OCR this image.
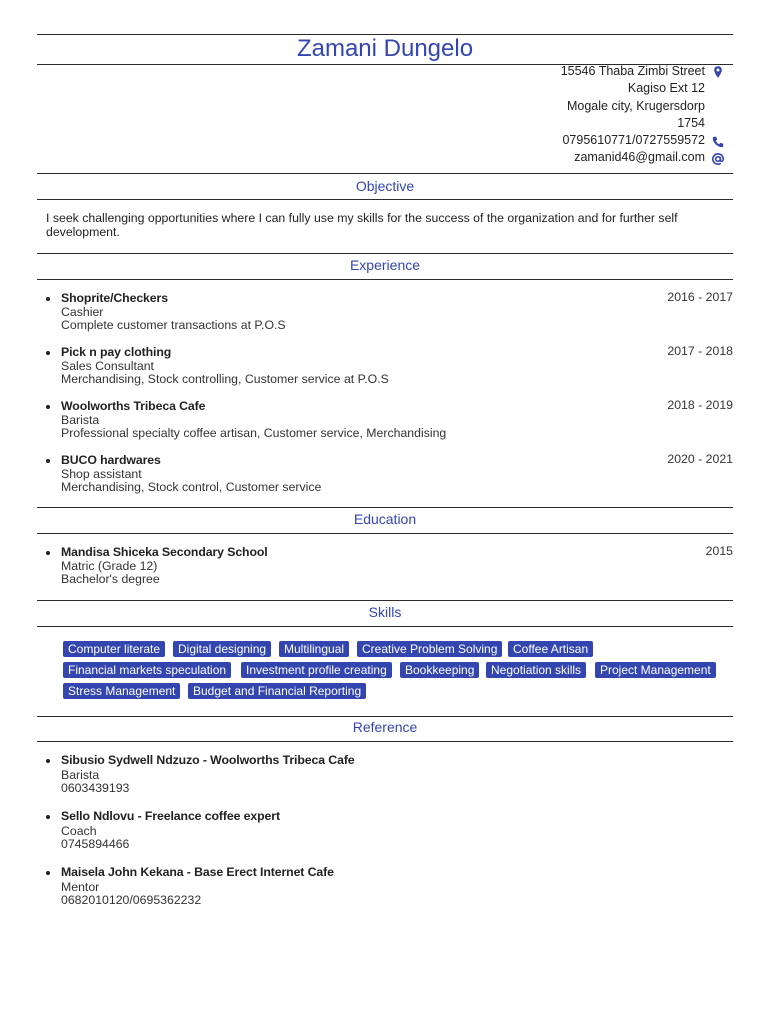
Zamani Dungelo
15546 Thaba Zimbi Street
Kagiso Ext 12
Mogale city, Krugersdorp
1754
0795610771/0727559572
zamanid46@gmail.com
Objective
I seek challenging opportunities where I can fully use my skills for the success of the organization and for further self development.
Experience
Shoprite/Checkers
Cashier
Complete customer transactions at P.O.S
2016 - 2017
Pick n pay clothing
Sales Consultant
Merchandising, Stock controlling, Customer service at P.O.S
2017 - 2018
Woolworths Tribeca Cafe
Barista
Professional specialty coffee artisan, Customer service, Merchandising
2018 - 2019
BUCO hardwares
Shop assistant
Merchandising, Stock control, Customer service
2020 - 2021
Education
Mandisa Shiceka Secondary School
Matric (Grade 12)
Bachelor's degree
2015
Skills
Computer literate	Digital designing	Multilingual	Creative Problem Solving	Coffee Artisan
Financial markets speculation	Investment profile creating	Bookkeeping	Negotiation skills	Project Management
Stress Management	Budget and Financial Reporting
Reference
Sibusio Sydwell Ndzuzo - Woolworths Tribeca Cafe
Barista
0603439193
Sello Ndlovu - Freelance coffee expert
Coach
0745894466
Maisela John Kekana - Base Erect Internet Cafe
Mentor
0682010120/0695362232
